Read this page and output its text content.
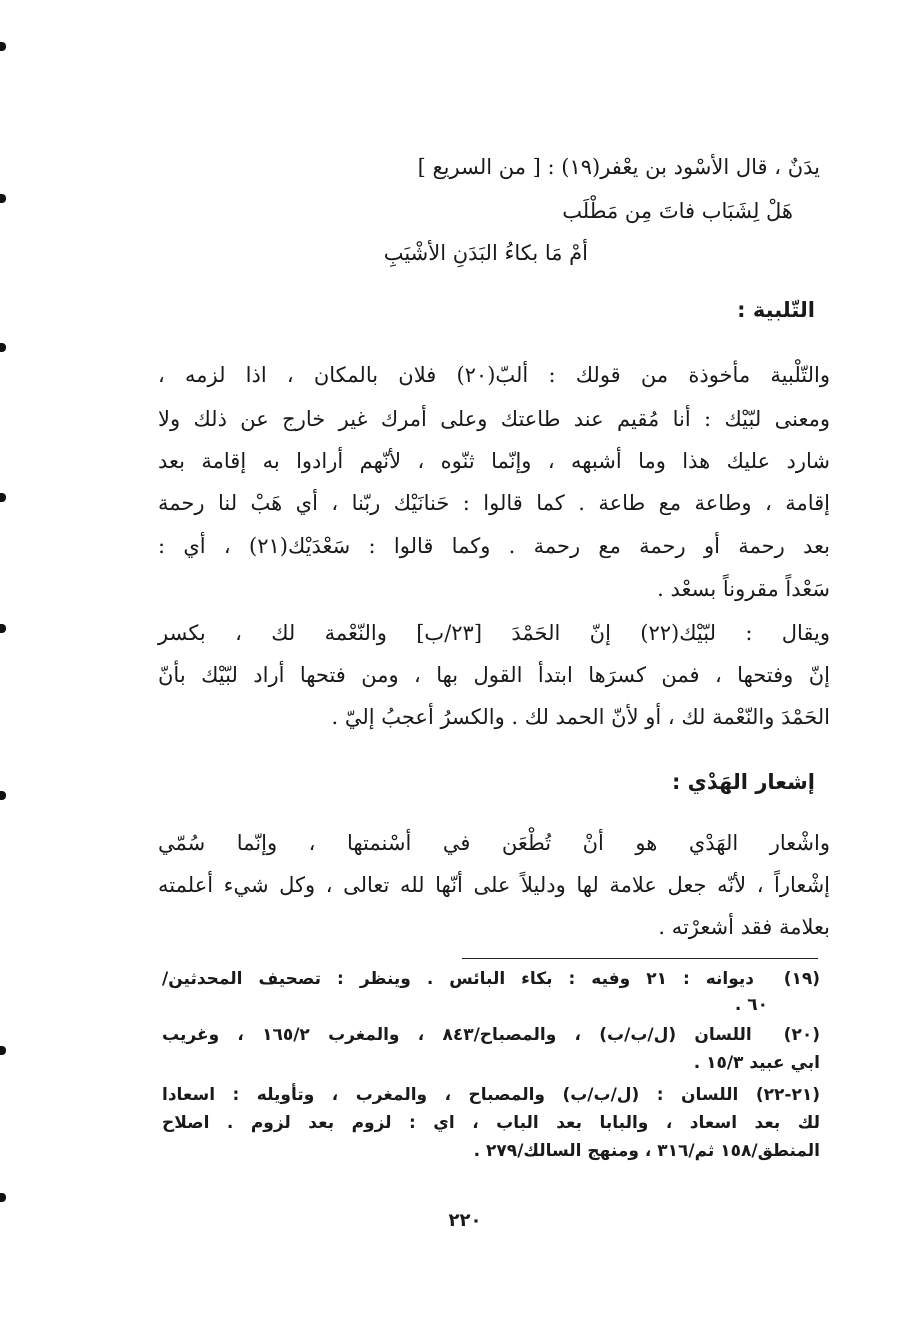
يدَنٌ ، قال الأسْود بن يعْفر(١٩) : [ من السريع ]
هَلْ لِشَبَاب فاتَ مِن مَطْلَب
أمْ مَا بكاءُ البَدَنِ الأشْيَبِ
التّلبية :
والتّلْبية مأخوذة من قولك : ألبّ(٢٠) فلان بالمكان ، اذا لزمه ،
ومعنى لبّيْك : أنا مُقيم عند طاعتك وعلى أمرك غير خارج عن ذلك ولا
شارد عليك هذا وما أشبهه ، وإنّما ثنّوه ، لأنّهم أرادوا به إقامة بعد
إقامة ، وطاعة مع طاعة . كما قالوا : حَنانَيْك ربّنا ، أي هَبْ لنا رحمة
بعد رحمة أو رحمة مع رحمة . وكما قالوا : سَعْدَيْك(٢١) ، أي :
سَعْداً مقروناً بسعْد .
ويقال : لبّيْك(٢٢) إنّ الحَمْدَ [٢٣/ب] والنّعْمة لك ، بكسر
إنّ وفتحها ، فمن كسرَها ابتدأ القول بها ، ومن فتحها أراد لبّيْك بأنّ
الحَمْدَ والنّعْمة لك ، أو لأنّ الحمد لك . والكسرُ أعجبُ إليّ .
إشعار الهَدْي :
واشْعار الهَدْي هو أنْ تُطْعَن في أسْنمتها ، وإنّما سُمّي
إشْعاراً ، لأنّه جعل علامة لها ودليلاً على أنّها لله تعالى ، وكل شيء أعلمته
بعلامة فقد أشعرْته .
(١٩) ديوانه : ٢١ وفيه : بكاء البائس . وينظر : تصحيف المحدثين/
٦٠ .
(٢٠) اللسان (ل/ب/ب) ، والمصباح/٨٤٣ ، والمغرب ١٦٥/٢ ، وغريب
ابي عبيد ١٥/٣ .
(٢١-٢٢) اللسان : (ل/ب/ب) والمصباح ، والمغرب ، وتأويله : اسعادا
لك بعد اسعاد ، والبابا بعد الباب ، اي : لزوم بعد لزوم . اصلاح
المنطق/١٥٨ ثم/٣١٦ ، ومنهج السالك/٢٧٩ .
٢٢٠
